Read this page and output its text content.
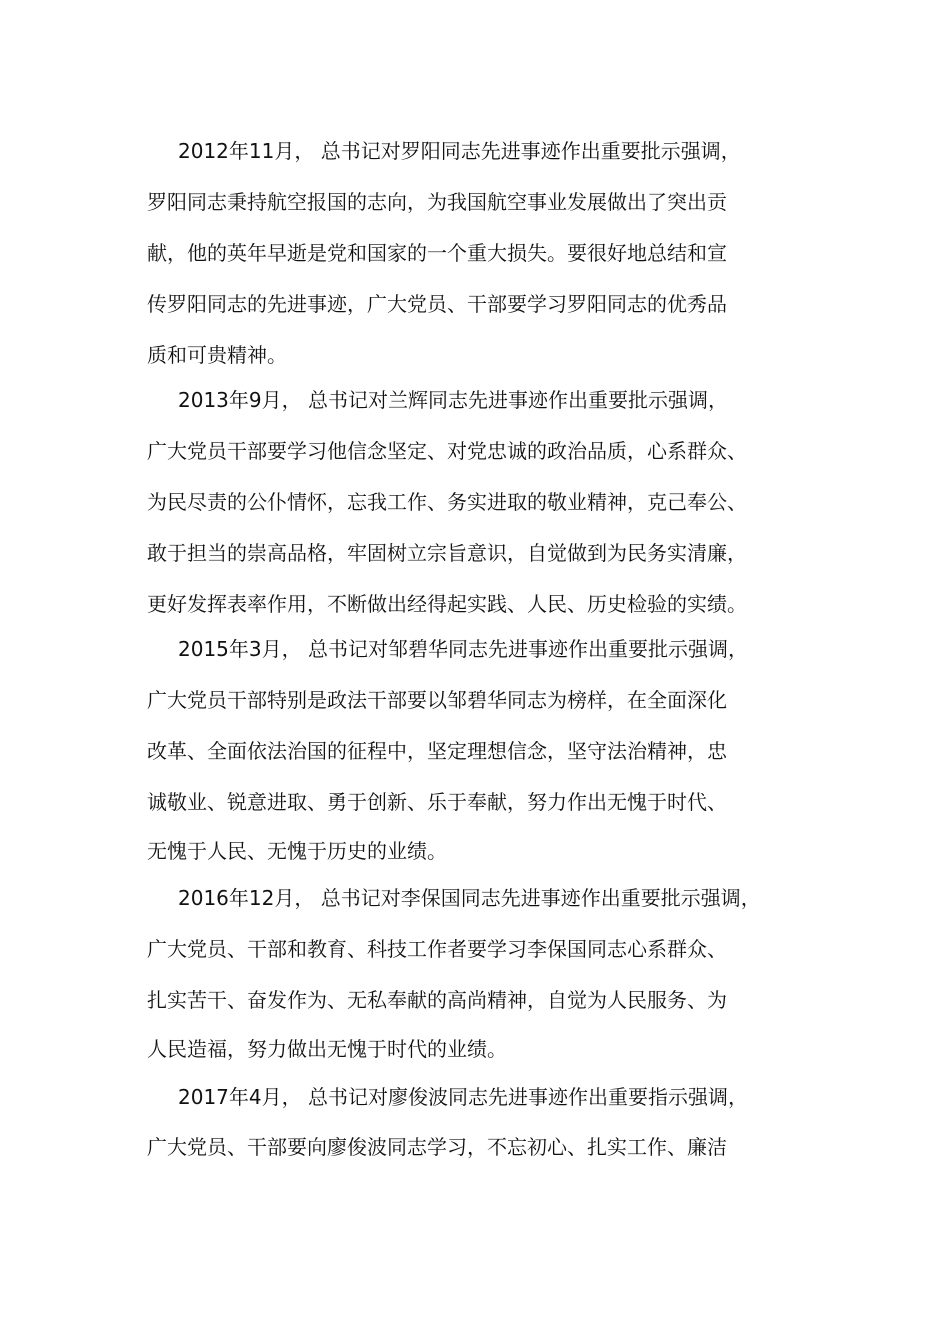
2012年11月， 总书记对罗阳同志先进事迹作出重要批示强调，
罗阳同志秉持航空报国的志向，为我国航空事业发展做出了突出贡
献，他的英年早逝是党和国家的一个重大损失。要很好地总结和宣
传罗阳同志的先进事迹，广大党员、干部要学习罗阳同志的优秀品
质和可贵精神。
2013年9月， 总书记对兰辉同志先进事迹作出重要批示强调，
广大党员干部要学习他信念坚定、对党忠诚的政治品质，心系群众、
为民尽责的公仆情怀，忘我工作、务实进取的敬业精神，克己奉公、
敢于担当的崇高品格，牢固树立宗旨意识，自觉做到为民务实清廉，
更好发挥表率作用，不断做出经得起实践、人民、历史检验的实绩。
2015年3月， 总书记对邹碧华同志先进事迹作出重要批示强调，
广大党员干部特别是政法干部要以邹碧华同志为榜样，在全面深化
改革、全面依法治国的征程中，坚定理想信念，坚守法治精神，忠
诚敬业、锐意进取、勇于创新、乐于奉献，努力作出无愧于时代、
无愧于人民、无愧于历史的业绩。
2016年12月， 总书记对李保国同志先进事迹作出重要批示强调，
广大党员、干部和教育、科技工作者要学习李保国同志心系群众、
扎实苦干、奋发作为、无私奉献的高尚精神，自觉为人民服务、为
人民造福，努力做出无愧于时代的业绩。
2017年4月， 总书记对廖俊波同志先进事迹作出重要指示强调，
广大党员、干部要向廖俊波同志学习，不忘初心、扎实工作、廉洁
